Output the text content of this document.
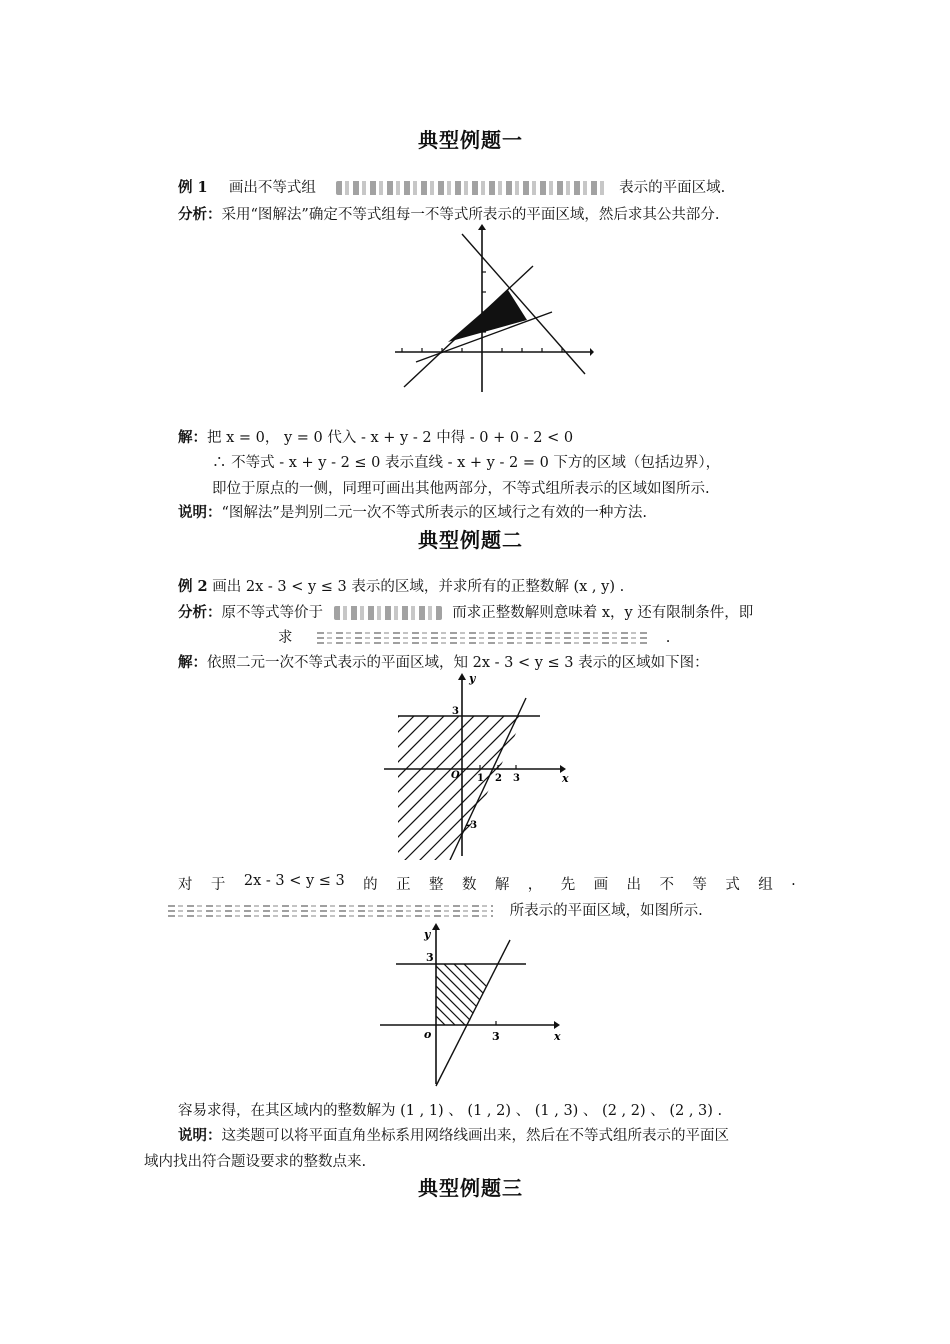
典型例题一
例 1 画出不等式组	表示的平面区域.
分析：采用“图解法”确定不等式组每一不等式所表示的平面区域，然后求其公共部分.
解：把 x = 0， y = 0 代入 - x + y - 2 中得 - 0 + 0 - 2 < 0
∴ 不等式 - x + y - 2 ≤ 0 表示直线 - x + y - 2 = 0 下方的区域（包括边界），
即位于原点的一侧，同理可画出其他两部分，不等式组所表示的区域如图所示.
说明：“图解法”是判别二元一次不等式所表示的区域行之有效的一种方法.
典型例题二
例 2 画出 2x - 3 < y ≤ 3 表示的区域，并求所有的正整数解 (x , y) .
分析：原不等式等价于	而求正整数解则意味着 x，y 还有限制条件，即
求	.
解：依照二元一次不等式表示的平面区域，知 2x - 3 < y ≤ 3 表示的区域如下图：
y
x
O
3
1 2 3
-3
对 于 2x - 3 < y ≤ 3 的 正 整 数 解 ， 先 画 出 不 等 式 组 .
所表示的平面区域，如图所示.
y
x
o
3
3
容易求得，在其区域内的整数解为 (1 , 1) 、 (1 , 2) 、 (1 , 3) 、 (2 , 2) 、 (2 , 3) .
说明：这类题可以将平面直角坐标系用网络线画出来，然后在不等式组所表示的平面区
域内找出符合题设要求的整数点来.
典型例题三
